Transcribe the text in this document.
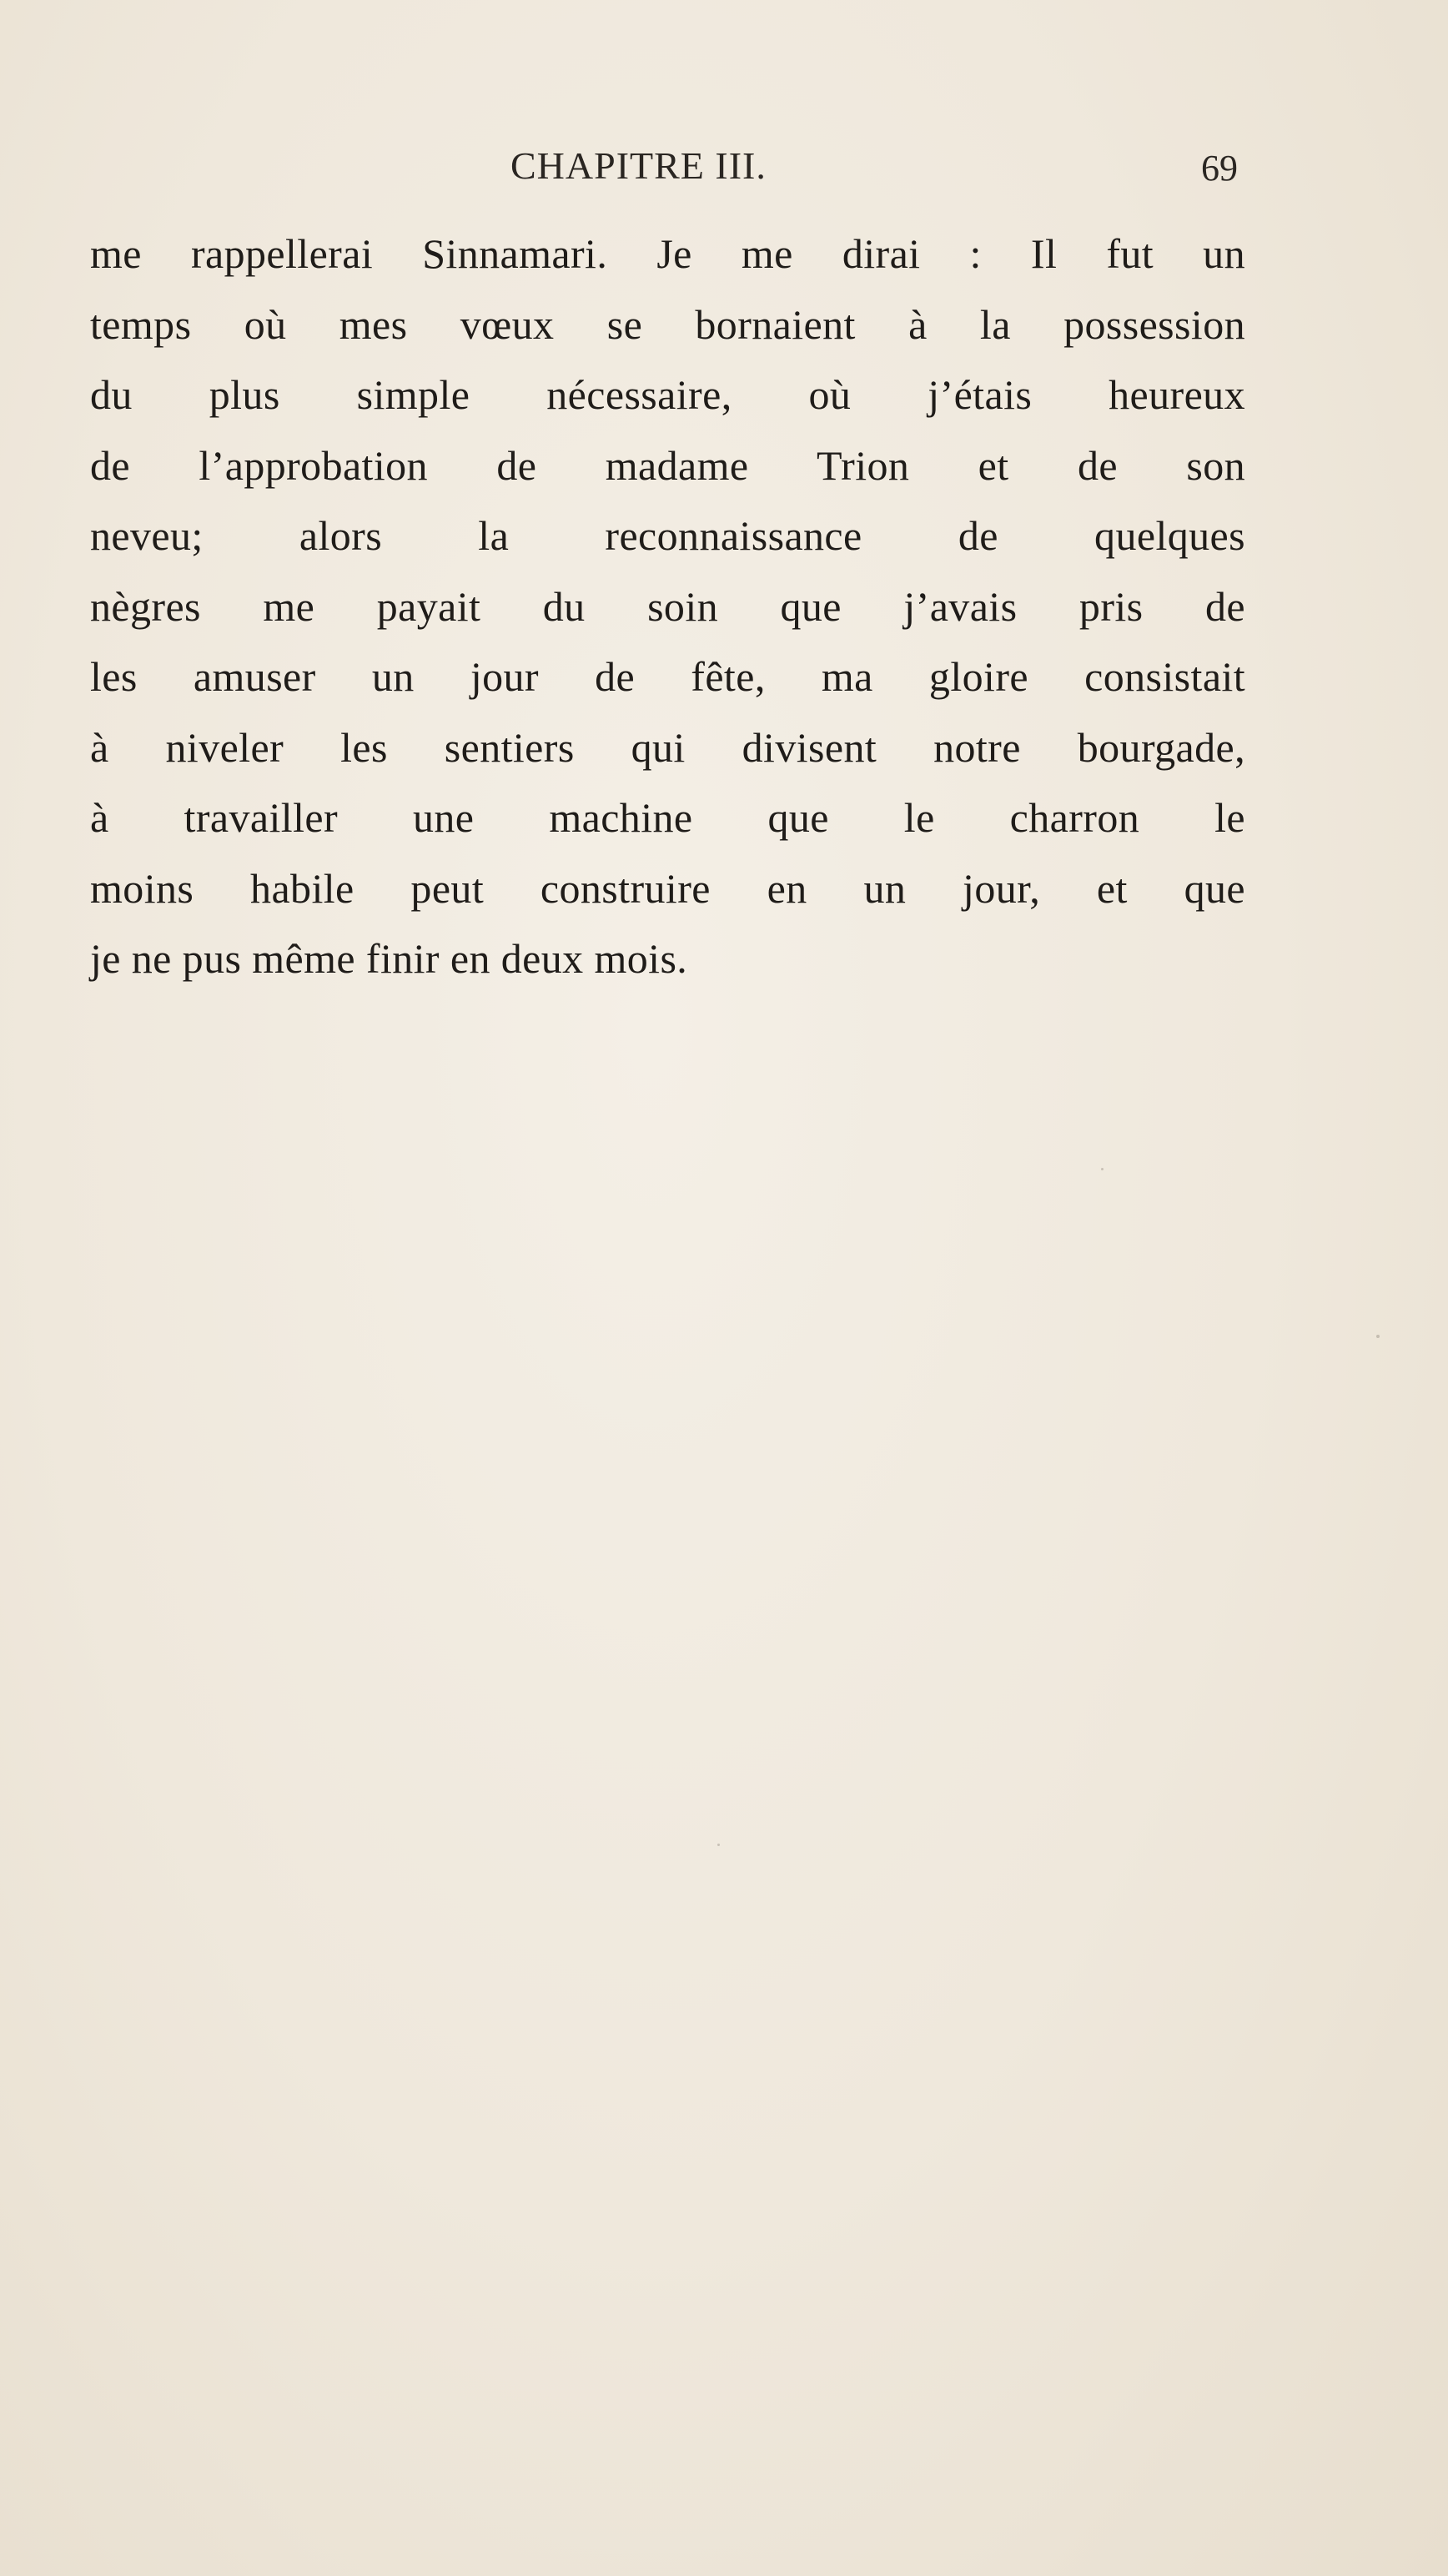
CHAPITRE III.	69
me rappellerai Sinnamari. Je me dirai : Il fut un
temps où mes vœux se bornaient à la possession
du plus simple nécessaire, où j’étais heureux
de l’approbation de madame Trion et de son
neveu; alors la reconnaissance de quelques
nègres me payait du soin que j’avais pris de
les amuser un jour de fête, ma gloire consistait
à niveler les sentiers qui divisent notre bourgade,
à travailler une machine que le charron le
moins habile peut construire en un jour, et que
je ne pus même finir en deux mois.
